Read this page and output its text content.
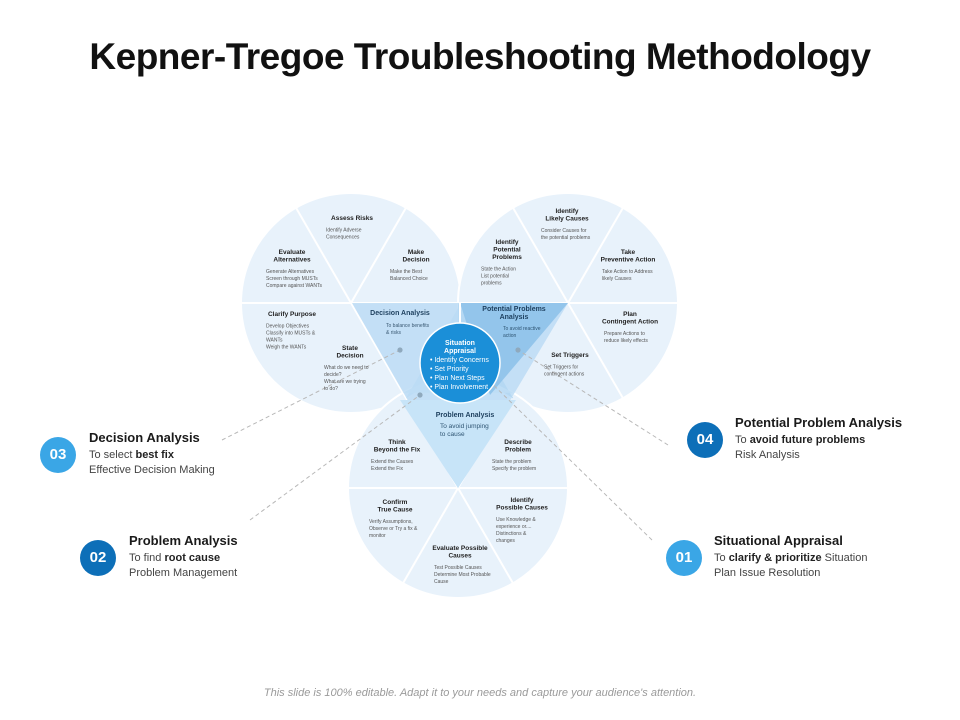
Kepner-Tregoe Troubleshooting Methodology
Assess Risks
Identify Adverse
Consequences
Make Decision
Make the Best
Balanced Choice
State Decision
What do we need to
decide?
What are we trying
to do?
Clarify Purpose
Develop Objectives
Classify into MUSTs &
WANTs
Weigh the WANTs
Evaluate Alternatives
Generate Alternatives
Screen through MUSTs
Compare against WANTs
Identify Likely Causes
Consider Causes for
the potential problems
Take Preventive Action
Take Action to Address
likely Causes
Plan Contingent Action
Prepare Actions to
reduce likely effects
Set Triggers
Set Triggers for
contingent actions
Identify Potential Problems
State the Action
List potential
problems
Describe Problem
State the problem
Specify the problem
Identify Possible Causes
Use Knowledge &
experience or....
Distinctions &
changes
Evaluate Possible Causes
Test Possible Causes
Determine Most Probable
Cause
Confirm True Cause
Verify Assumptions,
Observe or Try a fix &
monitor
Think Beyond the Fix
Extend the Causes
Extend the Fix
Decision Analysis
To balance benefits
& risks
Potential Problems Analysis
To avoid reactive
action
Problem Analysis
To avoid jumping
to cause
Situation Appraisal
• Identify Concerns
• Set Priority
• Plan Next Steps
• Plan Involvement
03
Decision Analysis
To select best fix
Effective Decision Making
02
Problem Analysis
To find root cause
Problem Management
04
Potential Problem Analysis
To avoid future problems
Risk Analysis
01
Situational Appraisal
To clarify & prioritize Situation
Plan Issue Resolution
This slide is 100% editable. Adapt it to your needs and capture your audience's attention.
